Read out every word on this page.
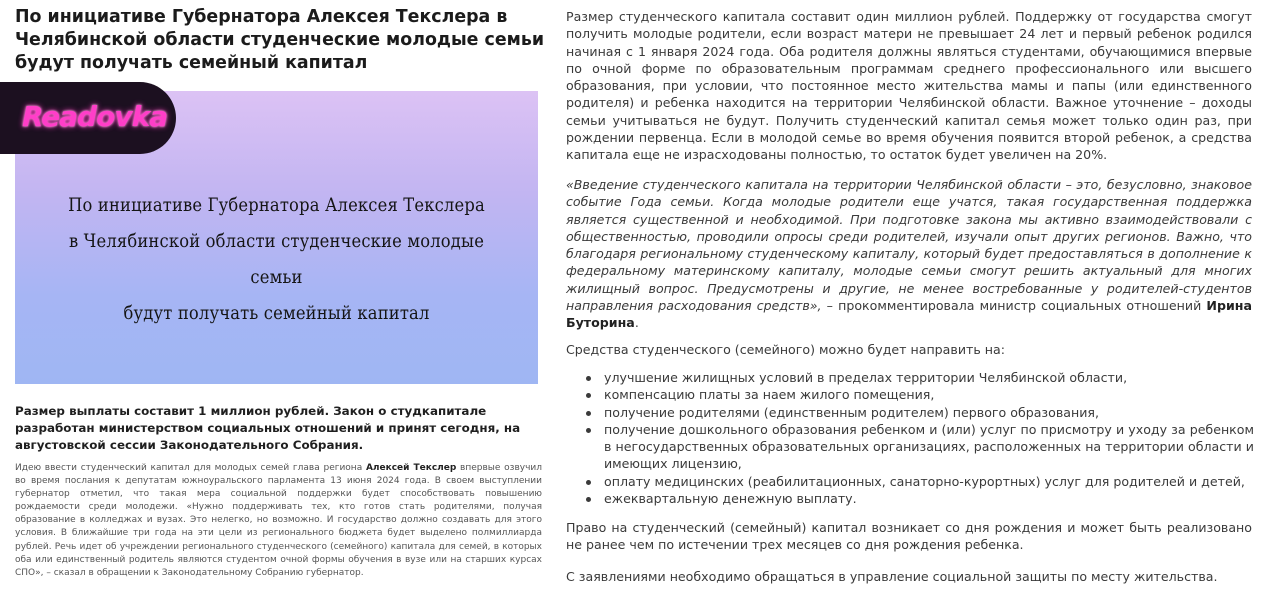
По инициативе Губернатора Алексея Текслера в Челябинской области студенческие молодые семьи будут получать семейный капитал
По инициативе Губернатора Алексея Текслера
в Челябинской области студенческие молодые семьи
будут получать семейный капитал
Readovka

Размер выплаты составит 1 миллион рублей. Закон о студкапитале разработан министерством социальных отношений и принят сегодня, на августовской сессии Законодательного Собрания.

Идею ввести студенческий капитал для молодых семей глава региона Алексей Текслер впервые озвучил во время послания к депутатам южноуральского парламента 13 июня 2024 года. В своем выступлении губернатор отметил, что такая мера социальной поддержки будет способствовать повышению рождаемости среди молодежи. «Нужно поддерживать тех, кто готов стать родителями, получая образование в колледжах и вузах. Это нелегко, но возможно. И государство должно создавать для этого условия. В ближайшие три года на эти цели из регионального бюджета будет выделено полмиллиарда рублей. Речь идет об учреждении регионального студенческого (семейного) капитала для семей, в которых оба или единственный родитель являются студентом очной формы обучения в вузе или на старших курсах СПО», – сказал в обращении к Законодательному Собранию губернатор.

Размер студенческого капитала составит один миллион рублей. Поддержку от государства смогут получить молодые родители, если возраст матери не превышает 24 лет и первый ребенок родился начиная с 1 января 2024 года. Оба родителя должны являться студентами, обучающимися впервые по очной форме по образовательным программам среднего профессионального или высшего образования, при условии, что постоянное место жительства мамы и папы (или единственного родителя) и ребенка находится на территории Челябинской области. Важное уточнение – доходы семьи учитываться не будут. Получить студенческий капитал семья может только один раз, при рождении первенца. Если в молодой семье во время обучения появится второй ребенок, а средства капитала еще не израсходованы полностью, то остаток будет увеличен на 20%.

«Введение студенческого капитала на территории Челябинской области – это, безусловно, знаковое событие Года семьи. Когда молодые родители еще учатся, такая государственная поддержка является существенной и необходимой. При подготовке закона мы активно взаимодействовали с общественностью, проводили опросы среди родителей, изучали опыт других регионов. Важно, что благодаря региональному студенческому капиталу, который будет предоставляться в дополнение к федеральному материнскому капиталу, молодые семьи смогут решить актуальный для многих жилищный вопрос. Предусмотрены и другие, не менее востребованные у родителей-студентов направления расходования средств», – прокомментировала министр социальных отношений Ирина Буторина.

Средства студенческого (семейного) можно будет направить на:

улучшение жилищных условий в пределах территории Челябинской области,
компенсацию платы за наем жилого помещения,
получение родителями (единственным родителем) первого образования,
получение дошкольного образования ребенком и (или) услуг по присмотру и уходу за ребенком в негосударственных образовательных организациях, расположенных на территории области и имеющих лицензию,
оплату медицинских (реабилитационных, санаторно-курортных) услуг для родителей и детей,
ежеквартальную денежную выплату.

Право на студенческий (семейный) капитал возникает со дня рождения и может быть реализовано не ранее чем по истечении трех месяцев со дня рождения ребенка.

С заявлениями необходимо обращаться в управление социальной защиты по месту жительства.
